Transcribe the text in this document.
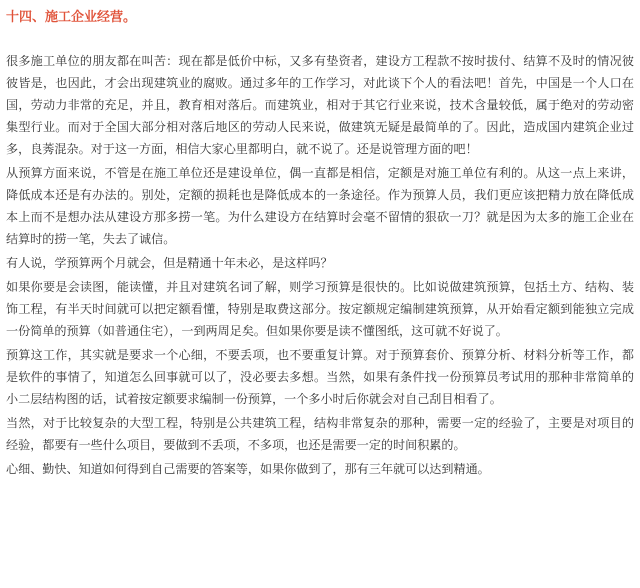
十四、施工企业经营。

很多施工单位的朋友都在叫苦：现在都是低价中标，又多有垫资者，建设方工程款不按时拔付、结算不及时的情况彼彼皆是，也因此，才会出现建筑业的腐败。通过多年的工作学习，对此谈下个人的看法吧！首先，中国是一个人口在国，劳动力非常的充足，并且，教育相对落后。而建筑业，相对于其它行业来说，技术含量较低，属于绝对的劳动密集型行业。而对于全国大部分相对落后地区的劳动人民来说，做建筑无疑是最简单的了。因此，造成国内建筑企业过多，良莠混杂。对于这一方面，相信大家心里都明白，就不说了。还是说管理方面的吧！

从预算方面来说，不管是在施工单位还是建设单位，偶一直都是相信，定额是对施工单位有利的。从这一点上来讲，降低成本还是有办法的。别处，定额的损耗也是降低成本的一条途径。作为预算人员，我们更应该把精力放在降低成本上而不是想办法从建设方那多捞一笔。为什么建设方在结算时会毫不留情的狠砍一刀？就是因为太多的施工企业在结算时的捞一笔，失去了诚信。

有人说，学预算两个月就会，但是精通十年未必，是这样吗？

如果你要是会读图，能读懂，并且对建筑名词了解，则学习预算是很快的。比如说做建筑预算，包括土方、结构、装饰工程，有半天时间就可以把定额看懂，特别是取费这部分。按定额规定编制建筑预算，从开始看定额到能独立完成一份简单的预算（如普通住宅），一到两周足矣。但如果你要是读不懂图纸，这可就不好说了。

预算这工作，其实就是要求一个心细，不要丢项，也不要重复计算。对于预算套价、预算分析、材料分析等工作，都是软件的事情了，知道怎么回事就可以了，没必要去多想。当然，如果有条件找一份预算员考试用的那种非常简单的小二层结构图的话，试着按定额要求编制一份预算，一个多小时后你就会对自己刮目相看了。

当然，对于比较复杂的大型工程，特别是公共建筑工程，结构非常复杂的那种，需要一定的经验了，主要是对项目的经验，都要有一些什么项目，要做到不丢项，不多项，也还是需要一定的时间积累的。

心细、勤快、知道如何得到自己需要的答案等，如果你做到了，那有三年就可以达到精通。
